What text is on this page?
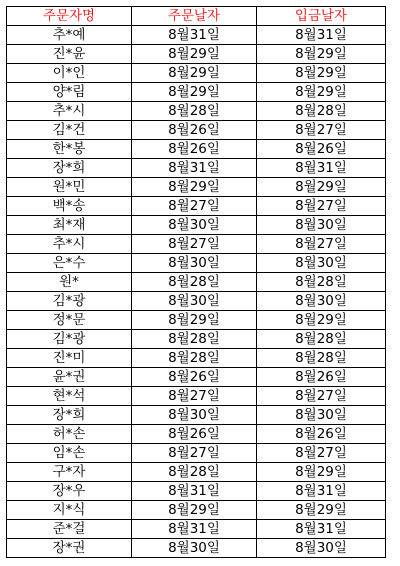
주문자명	주문날자	입금날자
추*예	8월31일	8월31일
진*윤	8월29일	8월29일
이*인	8월29일	8월29일
양*림	8월29일	8월29일
추*시	8월28일	8월28일
김*건	8월26일	8월27일
한*봉	8월26일	8월26일
장*희	8월31일	8월31일
원*민	8월29일	8월29일
백*송	8월27일	8월27일
최*재	8월30일	8월30일
추*시	8월27일	8월27일
은*수	8월30일	8월30일
원*	8월28일	8월28일
김*광	8월30일	8월30일
정*문	8월29일	8월29일
김*광	8월28일	8월28일
진*미	8월28일	8월28일
윤*권	8월26일	8월26일
현*석	8월27일	8월27일
장*희	8월30일	8월30일
허*손	8월26일	8월26일
임*손	8월27일	8월27일
구*자	8월28일	8월29일
장*우	8월31일	8월31일
지*식	8월29일	8월29일
준*걸	8월31일	8월31일
장*권	8월30일	8월30일
